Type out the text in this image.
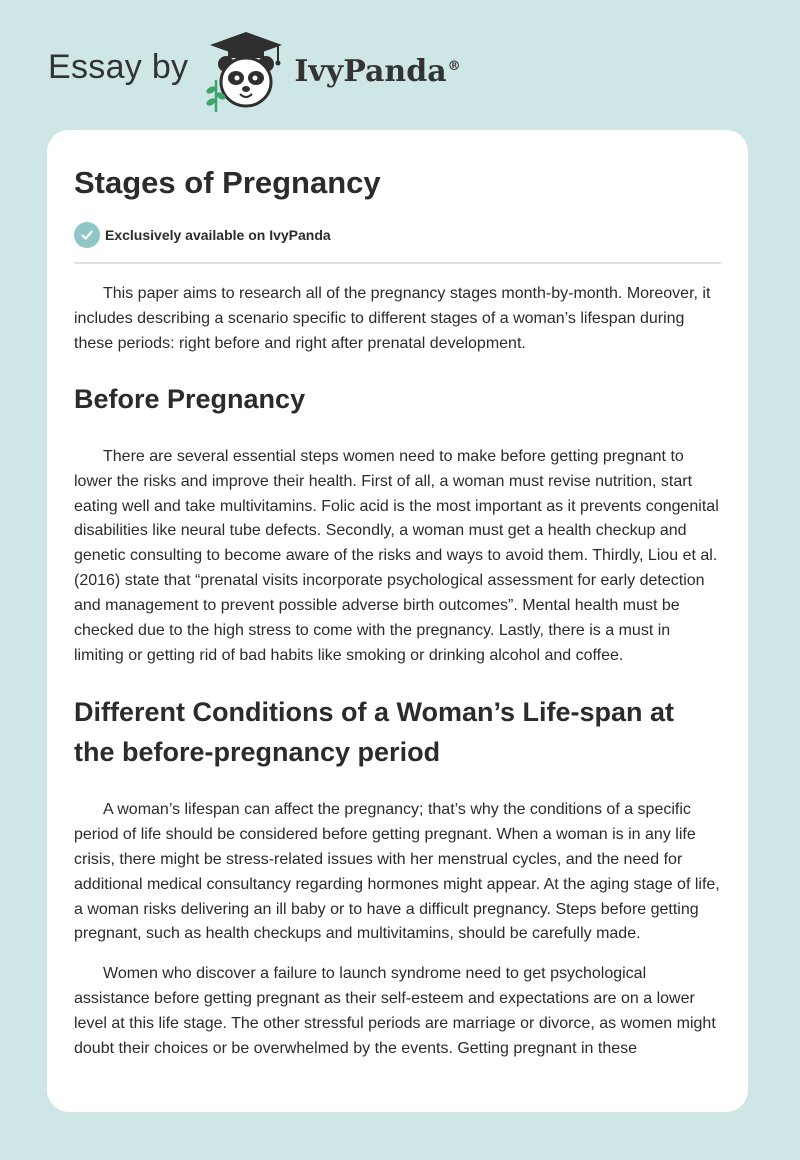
Essay by	IvyPanda®
Stages of Pregnancy
Exclusively available on IvyPanda

This paper aims to research all of the pregnancy stages month-by-month. Moreover, it includes describing a scenario specific to different stages of a woman’s lifespan during these periods: right before and right after prenatal development.

Before Pregnancy

There are several essential steps women need to make before getting pregnant to lower the risks and improve their health. First of all, a woman must revise nutrition, start eating well and take multivitamins. Folic acid is the most important as it prevents congenital disabilities like neural tube defects. Secondly, a woman must get a health checkup and genetic consulting to become aware of the risks and ways to avoid them. Thirdly, Liou et al. (2016) state that “prenatal visits incorporate psychological assessment for early detection and management to prevent possible adverse birth outcomes”. Mental health must be checked due to the high stress to come with the pregnancy. Lastly, there is a must in limiting or getting rid of bad habits like smoking or drinking alcohol and coffee.

Different Conditions of a Woman’s Life-span at the before-pregnancy period

A woman’s lifespan can affect the pregnancy; that’s why the conditions of a specific period of life should be considered before getting pregnant. When a woman is in any life crisis, there might be stress-related issues with her menstrual cycles, and the need for additional medical consultancy regarding hormones might appear. At the aging stage of life, a woman risks delivering an ill baby or to have a difficult pregnancy. Steps before getting pregnant, such as health checkups and multivitamins, should be carefully made.

Women who discover a failure to launch syndrome need to get psychological assistance before getting pregnant as their self-esteem and expectations are on a lower level at this life stage. The other stressful periods are marriage or divorce, as women might doubt their choices or be overwhelmed by the events. Getting pregnant in these
